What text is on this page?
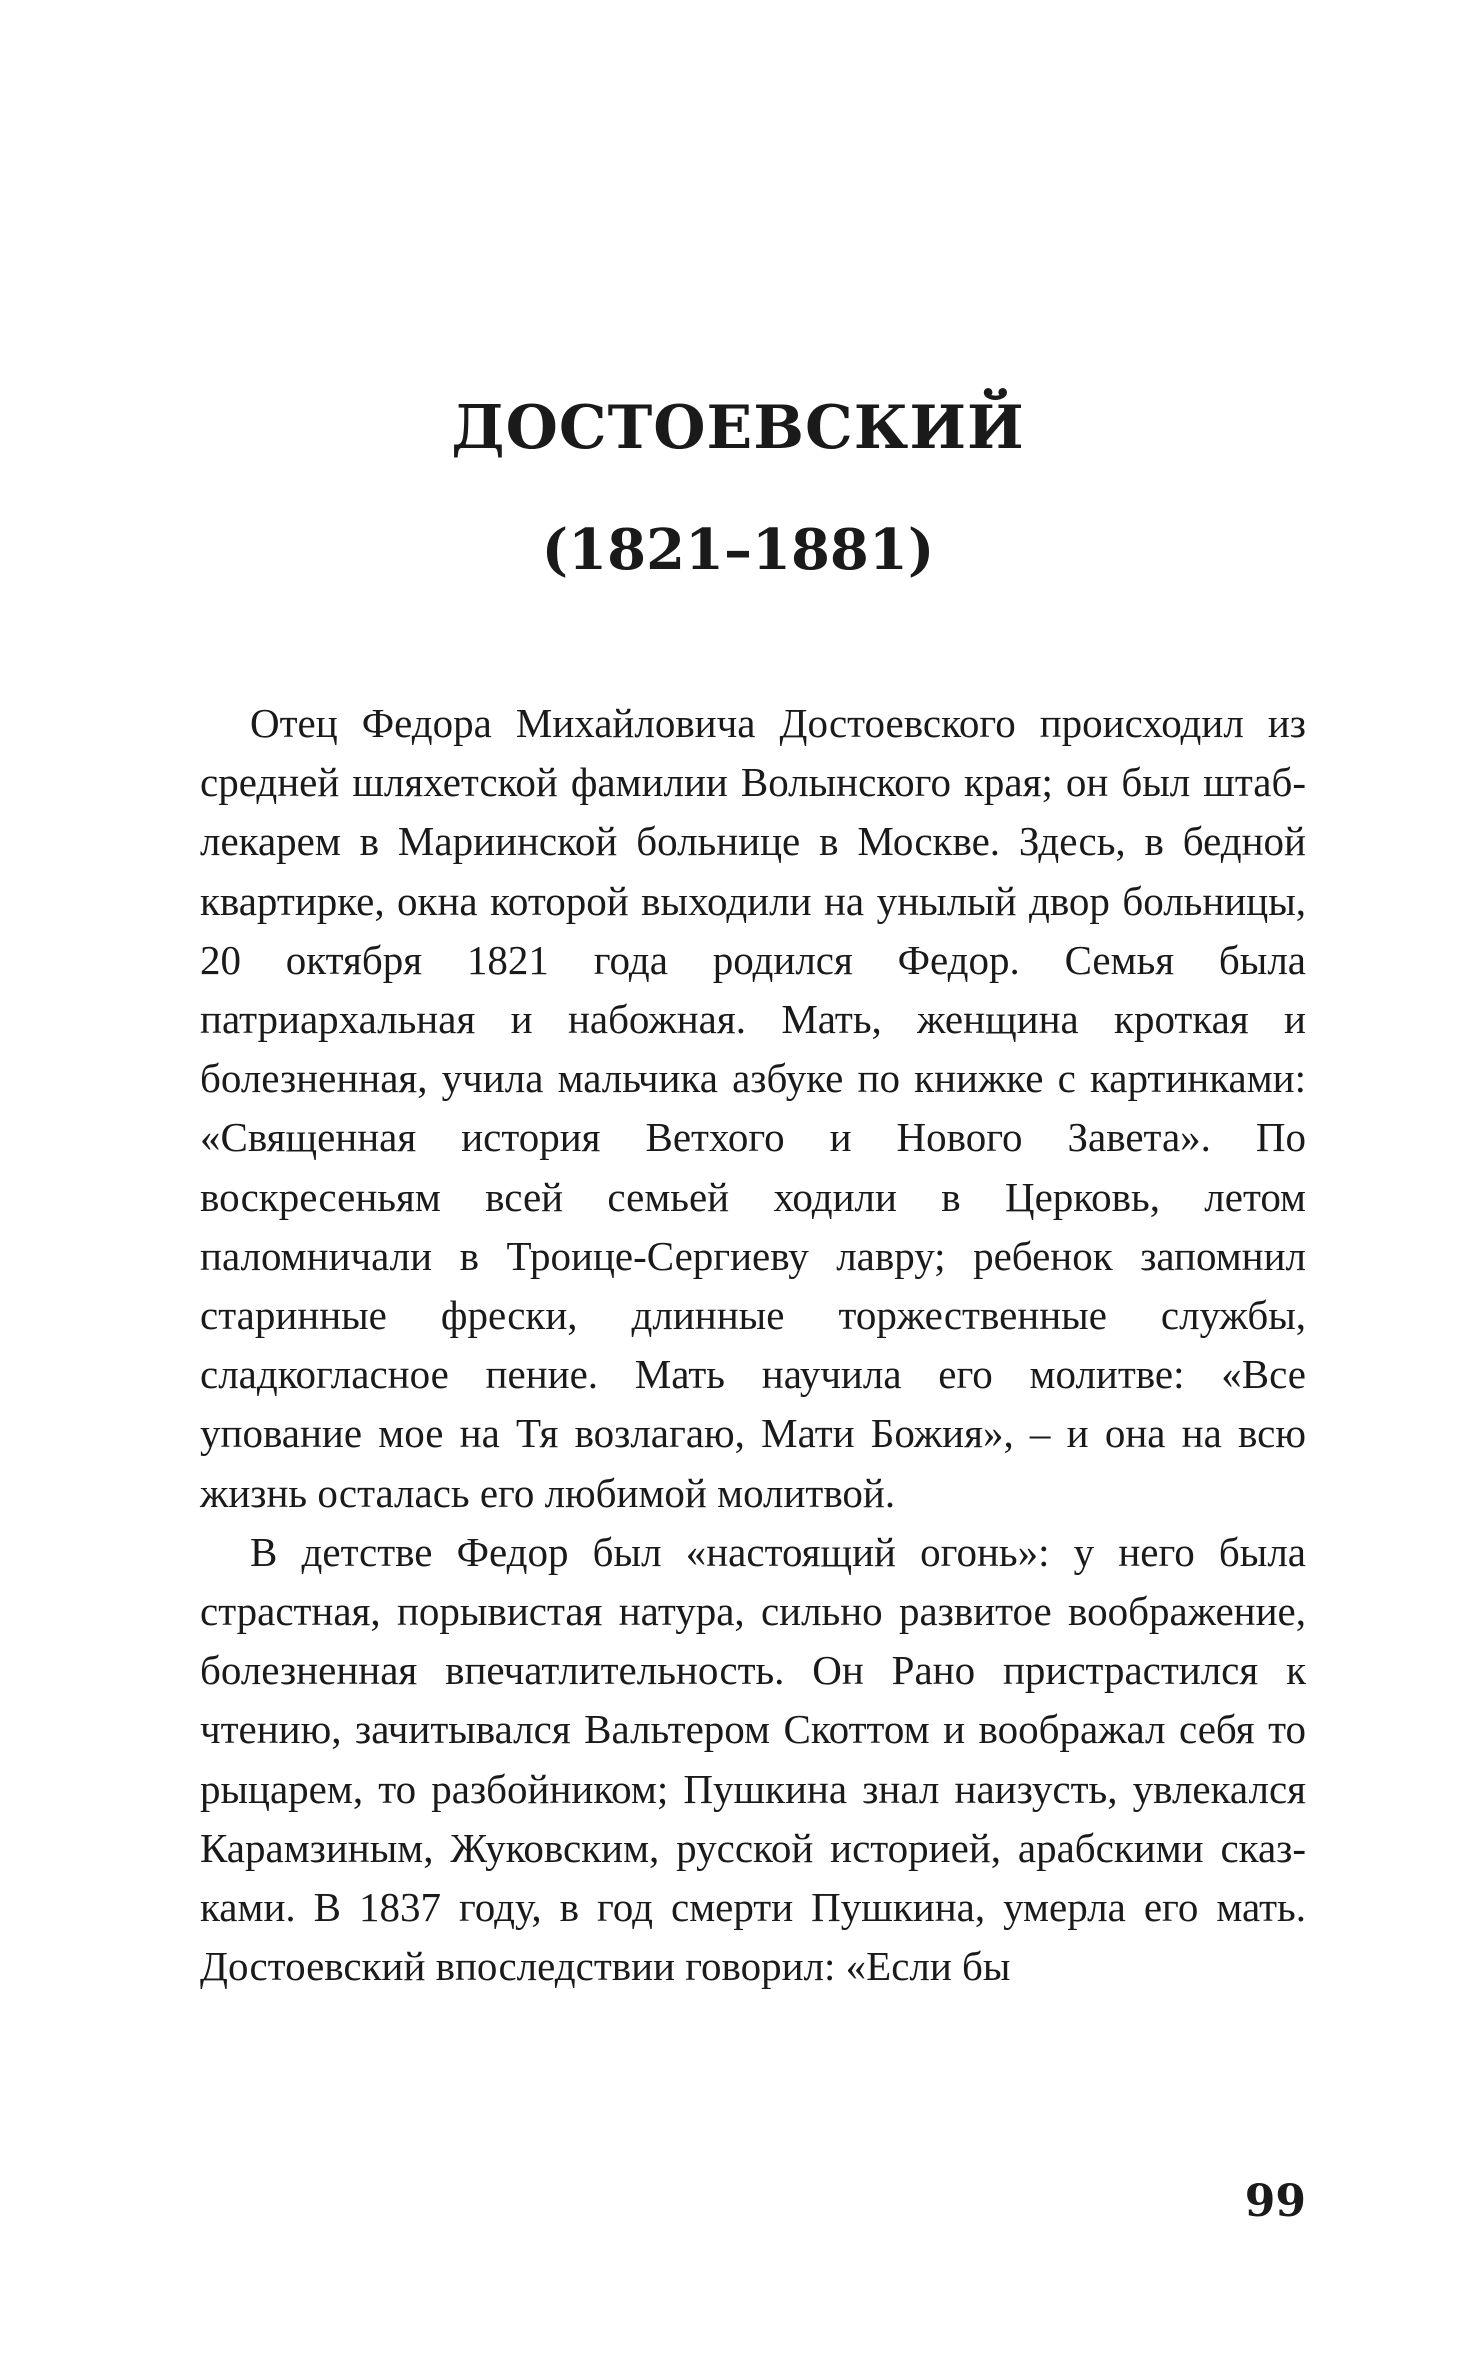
ДОСТОЕВСКИЙ
(1821–1881)

Отец Федора Михайловича Достоевского происходил из средней шляхетской фамилии Волынского края; он был штаб-лекарем в Мариинской больнице в Москве. Здесь, в бедной квартирке, окна которой выходили на унылый двор больницы, 20 октября 1821 года родился Федор. Семья была патриархальная и набожная. Мать, женщина кроткая и болезненная, учила мальчика азбуке по книжке с картинками: «Священная история Ветхого и Нового Завета». По воскресеньям всей семьей ходили в Церковь, летом паломничали в Троице-Сергиеву лавру; ребенок запомнил старинные фрески, длинные торжественные службы, сладкогласное пение. Мать научила его молитве: «Все упование мое на Тя возлагаю, Мати Божия», – и она на всю жизнь осталась его любимой молитвой.

В детстве Федор был «настоящий огонь»: у него была страстная, порывистая натура, сильно развитое воображение, болезненная впечатлительность. Он Рано пристрастился к чтению, зачитывался Вальтером Скоттом и воображал себя то рыцарем, то разбойником; Пушкина знал наизусть, увлекался Карамзиным, Жуковским, русской историей, арабскими сказками. В 1837 году, в год смерти Пушкина, умерла его мать. Достоевский впоследствии говорил: «Если бы

99
